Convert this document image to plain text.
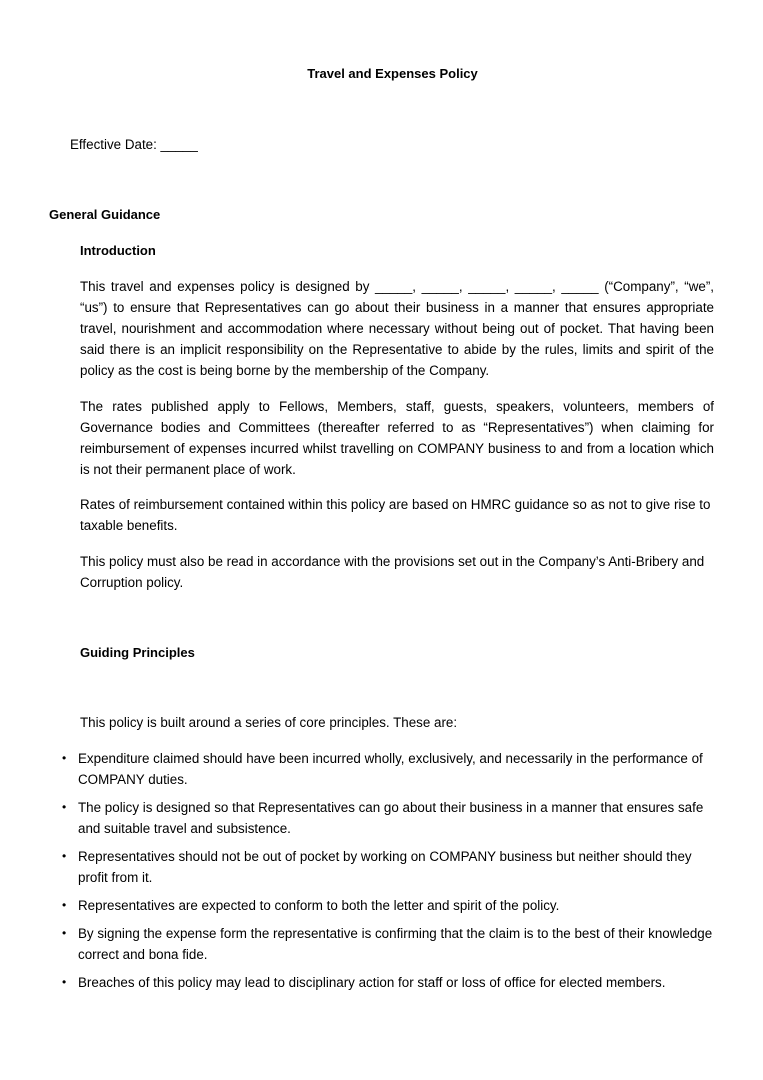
Travel and Expenses Policy
Effective Date: _____
General Guidance
Introduction

This travel and expenses policy is designed by _____, _____, _____, _____, _____ (“Company”, “we”, “us”) to ensure that Representatives can go about their business in a manner that ensures appropriate travel, nourishment and accommodation where necessary without being out of pocket. That having been said there is an implicit responsibility on the Representative to abide by the rules, limits and spirit of the policy as the cost is being borne by the membership of the Company.

The rates published apply to Fellows, Members, staff, guests, speakers, volunteers, members of Governance bodies and Committees (thereafter referred to as “Representatives”) when claiming for reimbursement of expenses incurred whilst travelling on COMPANY business to and from a location which is not their permanent place of work.

Rates of reimbursement contained within this policy are based on HMRC guidance so as not to give rise to taxable benefits.

This policy must also be read in accordance with the provisions set out in the Company’s Anti-Bribery and Corruption policy.

Guiding Principles
This policy is built around a series of core principles. These are:
• Expenditure claimed should have been incurred wholly, exclusively, and necessarily in the performance of COMPANY duties.
• The policy is designed so that Representatives can go about their business in a manner that ensures safe and suitable travel and subsistence.
• Representatives should not be out of pocket by working on COMPANY business but neither should they profit from it.
• Representatives are expected to conform to both the letter and spirit of the policy.
• By signing the expense form the representative is confirming that the claim is to the best of their knowledge correct and bona fide.
• Breaches of this policy may lead to disciplinary action for staff or loss of office for elected members.
